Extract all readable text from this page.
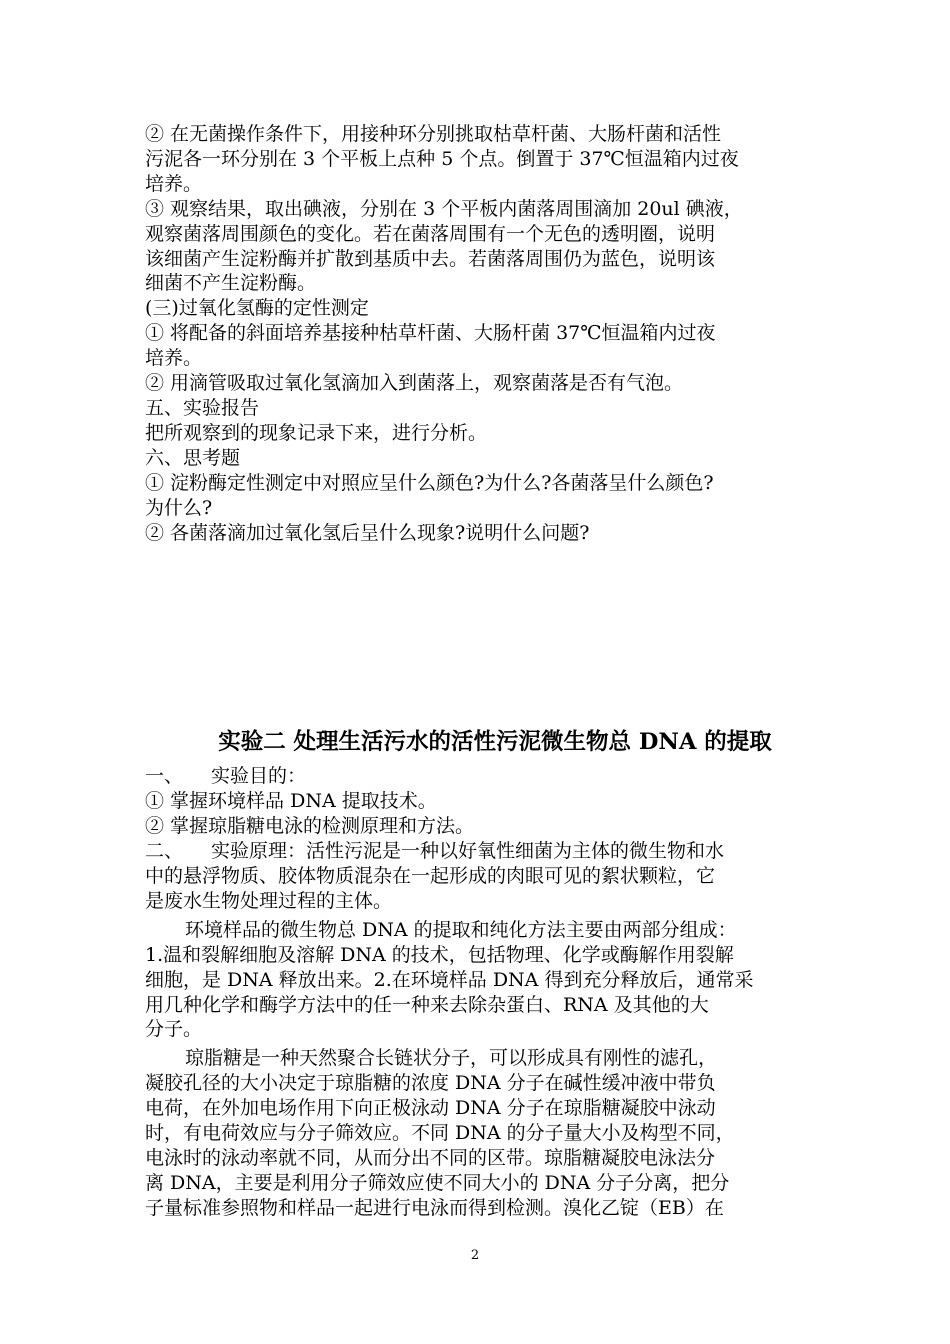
② 在无菌操作条件下，用接种环分别挑取枯草杆菌、大肠杆菌和活性
污泥各一环分别在 3 个平板上点种 5 个点。倒置于 37℃恒温箱内过夜
培养。
③ 观察结果，取出碘液，分别在 3 个平板内菌落周围滴加 20ul 碘液，
观察菌落周围颜色的变化。若在菌落周围有一个无色的透明圈，说明
该细菌产生淀粉酶并扩散到基质中去。若菌落周围仍为蓝色，说明该
细菌不产生淀粉酶。
(三)过氧化氢酶的定性测定
① 将配备的斜面培养基接种枯草杆菌、大肠杆菌 37℃恒温箱内过夜
培养。
② 用滴管吸取过氧化氢滴加入到菌落上，观察菌落是否有气泡。
五、实验报告
把所观察到的现象记录下来，进行分析。
六、思考题
① 淀粉酶定性测定中对照应呈什么颜色?为什么?各菌落呈什么颜色?
为什么?
② 各菌落滴加过氧化氢后呈什么现象?说明什么问题?
实验二 处理生活污水的活性污泥微生物总 DNA 的提取
一、 实验目的：
① 掌握环境样品 DNA 提取技术。
② 掌握琼脂糖电泳的检测原理和方法。
二、 实验原理：活性污泥是一种以好氧性细菌为主体的微生物和水
中的悬浮物质、胶体物质混杂在一起形成的肉眼可见的絮状颗粒，它
是废水生物处理过程的主体。
环境样品的微生物总 DNA 的提取和纯化方法主要由两部分组成：
1.温和裂解细胞及溶解 DNA 的技术，包括物理、化学或酶解作用裂解
细胞，是 DNA 释放出来。2.在环境样品 DNA 得到充分释放后，通常采
用几种化学和酶学方法中的任一种来去除杂蛋白、RNA 及其他的大
分子。
琼脂糖是一种天然聚合长链状分子，可以形成具有刚性的滤孔，
凝胶孔径的大小决定于琼脂糖的浓度 DNA 分子在碱性缓冲液中带负
电荷，在外加电场作用下向正极泳动 DNA 分子在琼脂糖凝胶中泳动
时，有电荷效应与分子筛效应。不同 DNA 的分子量大小及构型不同，
电泳时的泳动率就不同，从而分出不同的区带。琼脂糖凝胶电泳法分
离 DNA，主要是利用分子筛效应使不同大小的 DNA 分子分离，把分
子量标准参照物和样品一起进行电泳而得到检测。溴化乙锭（EB）在
2
